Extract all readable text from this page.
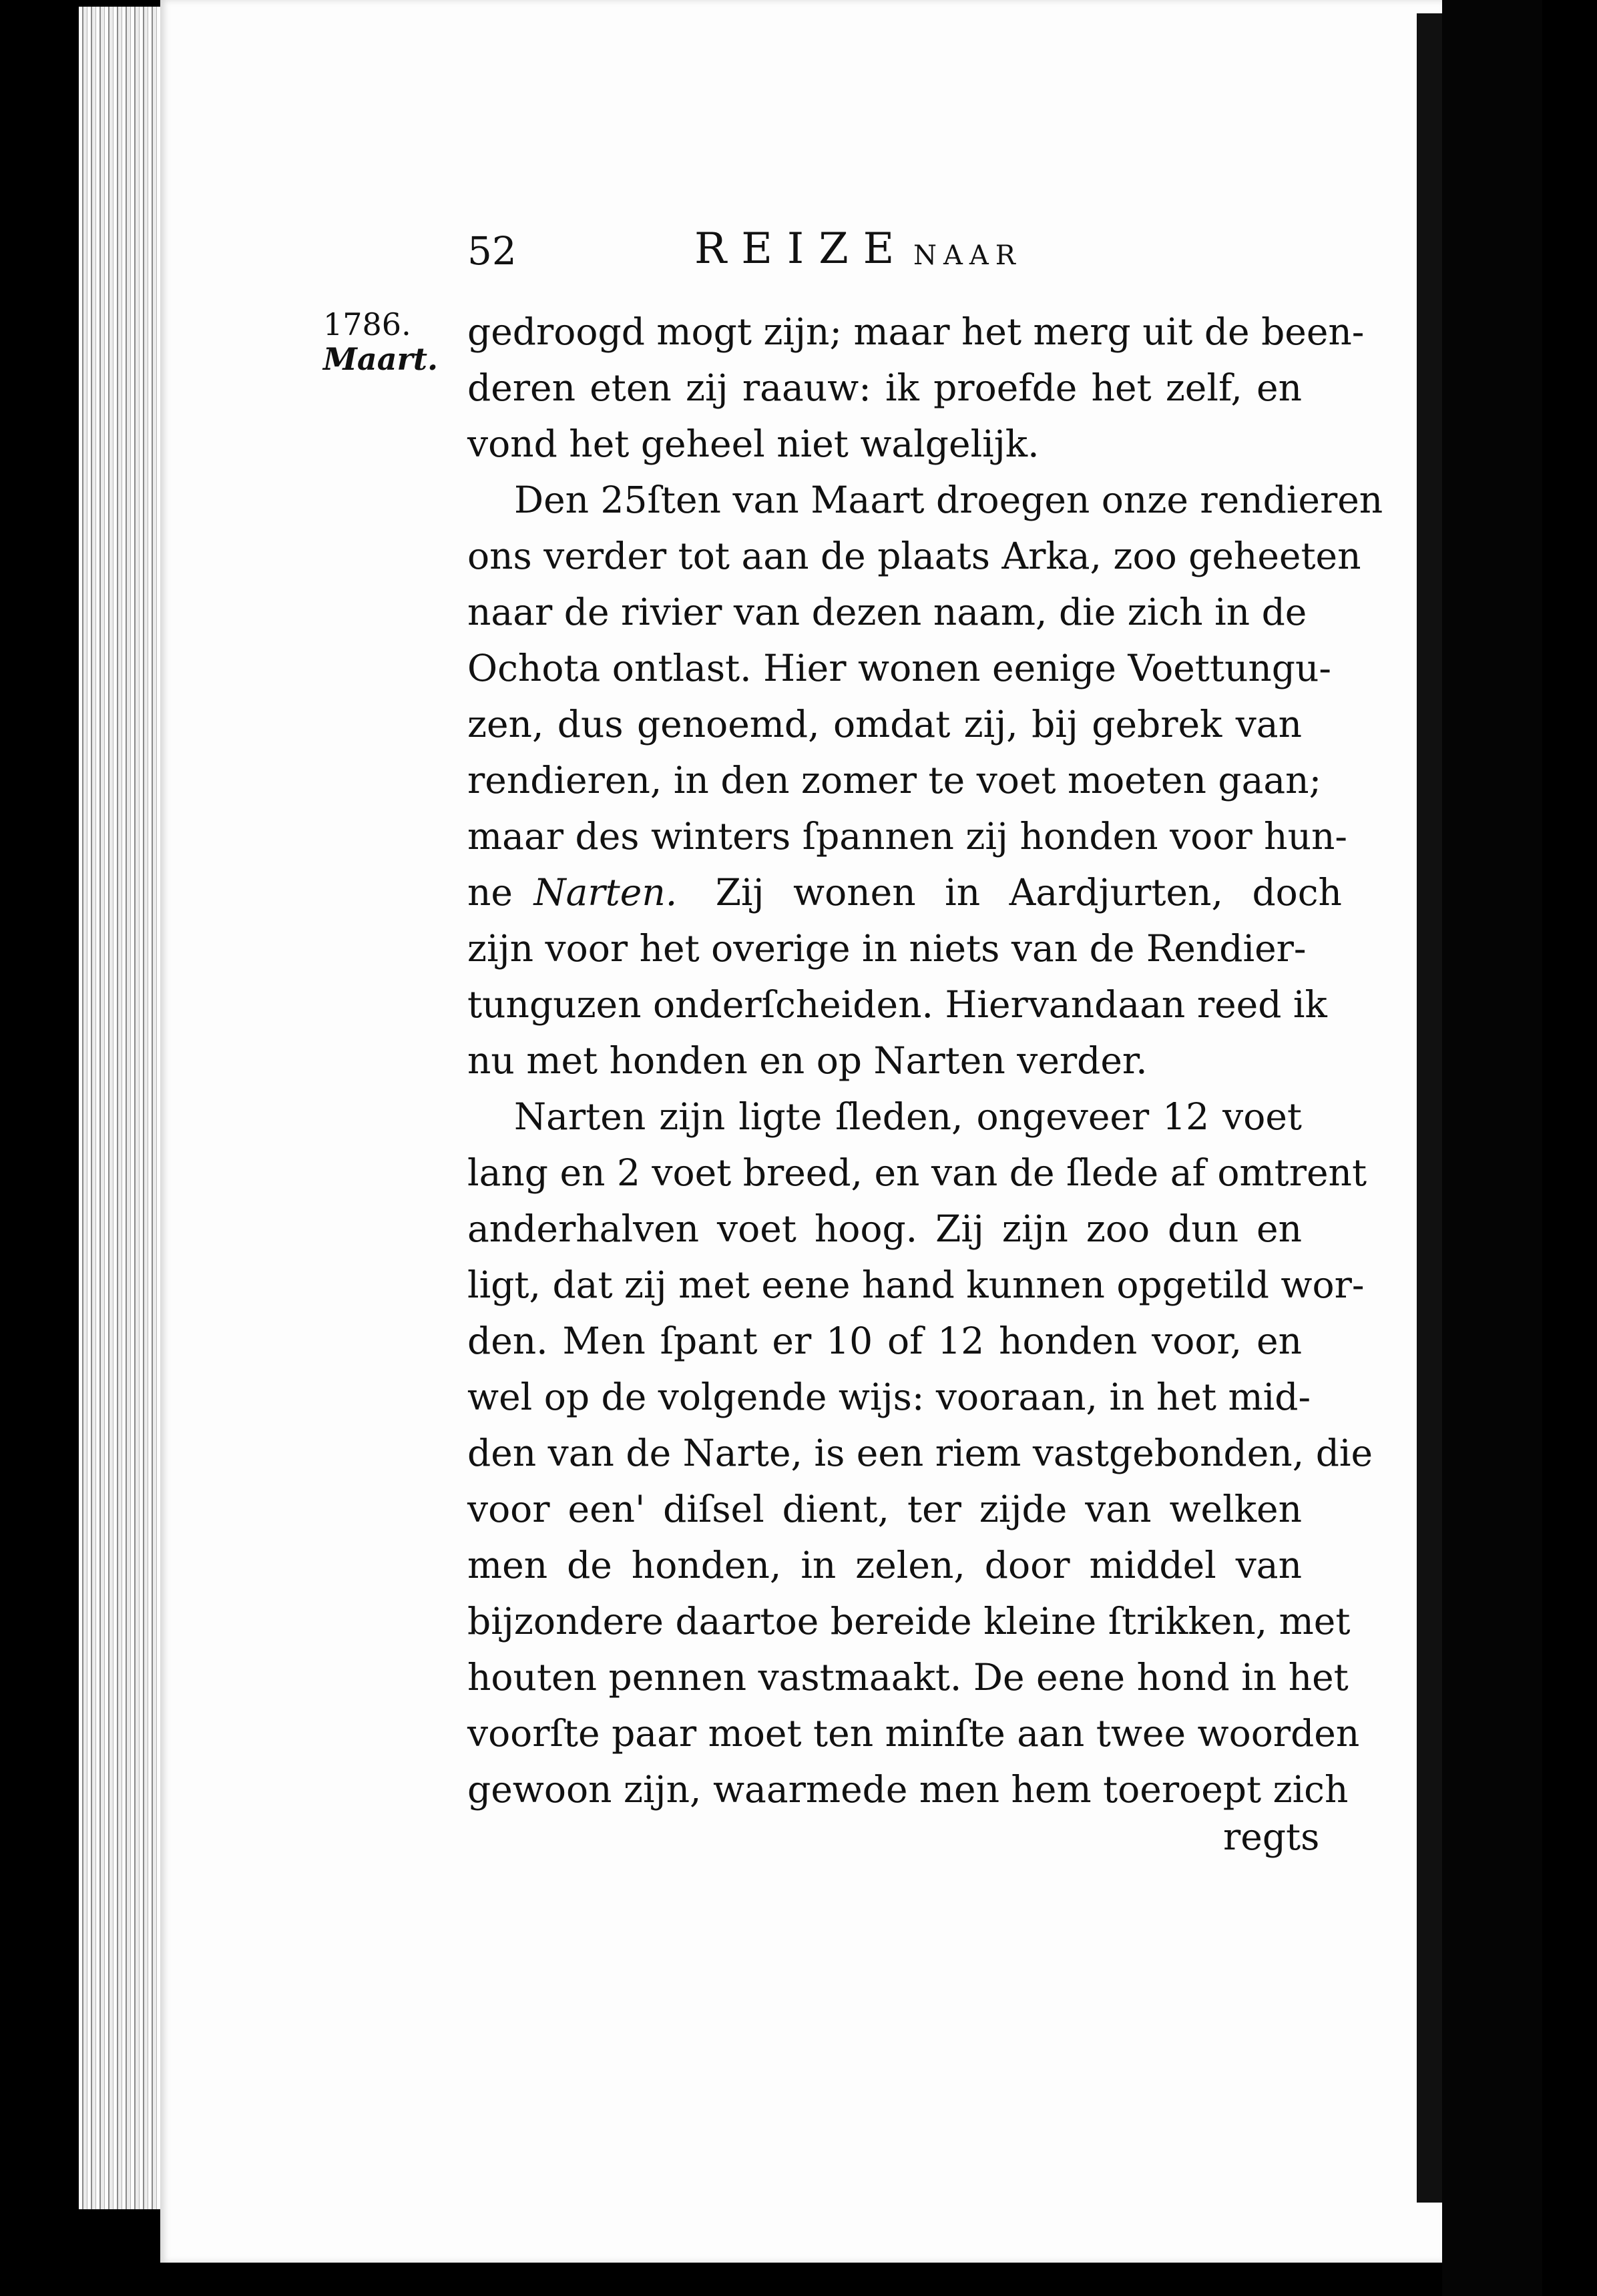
52	REIZE NAAR
1786.
Maart.
gedroogd mogt zijn; maar het merg uit de been-
deren eten zij raauw: ik proefde het zelf, en
vond het geheel niet walgelijk.
Den 25ſten van Maart droegen onze rendieren
ons verder tot aan de plaats Arka, zoo geheeten
naar de rivier van dezen naam, die zich in de
Ochota ontlast. Hier wonen eenige Voettungu-
zen, dus genoemd, omdat zij, bij gebrek van
rendieren, in den zomer te voet moeten gaan;
maar des winters ſpannen zij honden voor hun-
ne Narten. Zij wonen in Aardjurten, doch
zijn voor het overige in niets van de Rendier-
tunguzen onderſcheiden. Hiervandaan reed ik
nu met honden en op Narten verder.
Narten zijn ligte ſleden, ongeveer 12 voet
lang en 2 voet breed, en van de ſlede af omtrent
anderhalven voet hoog. Zij zijn zoo dun en
ligt, dat zij met eene hand kunnen opgetild wor-
den. Men ſpant er 10 of 12 honden voor, en
wel op de volgende wijs: vooraan, in het mid-
den van de Narte, is een riem vastgebonden, die
voor een' diſsel dient, ter zijde van welken
men de honden, in zelen, door middel van
bijzondere daartoe bereide kleine ſtrikken, met
houten pennen vastmaakt. De eene hond in het
voorſte paar moet ten minſte aan twee woorden
gewoon zijn, waarmede men hem toeroept zich
regts
